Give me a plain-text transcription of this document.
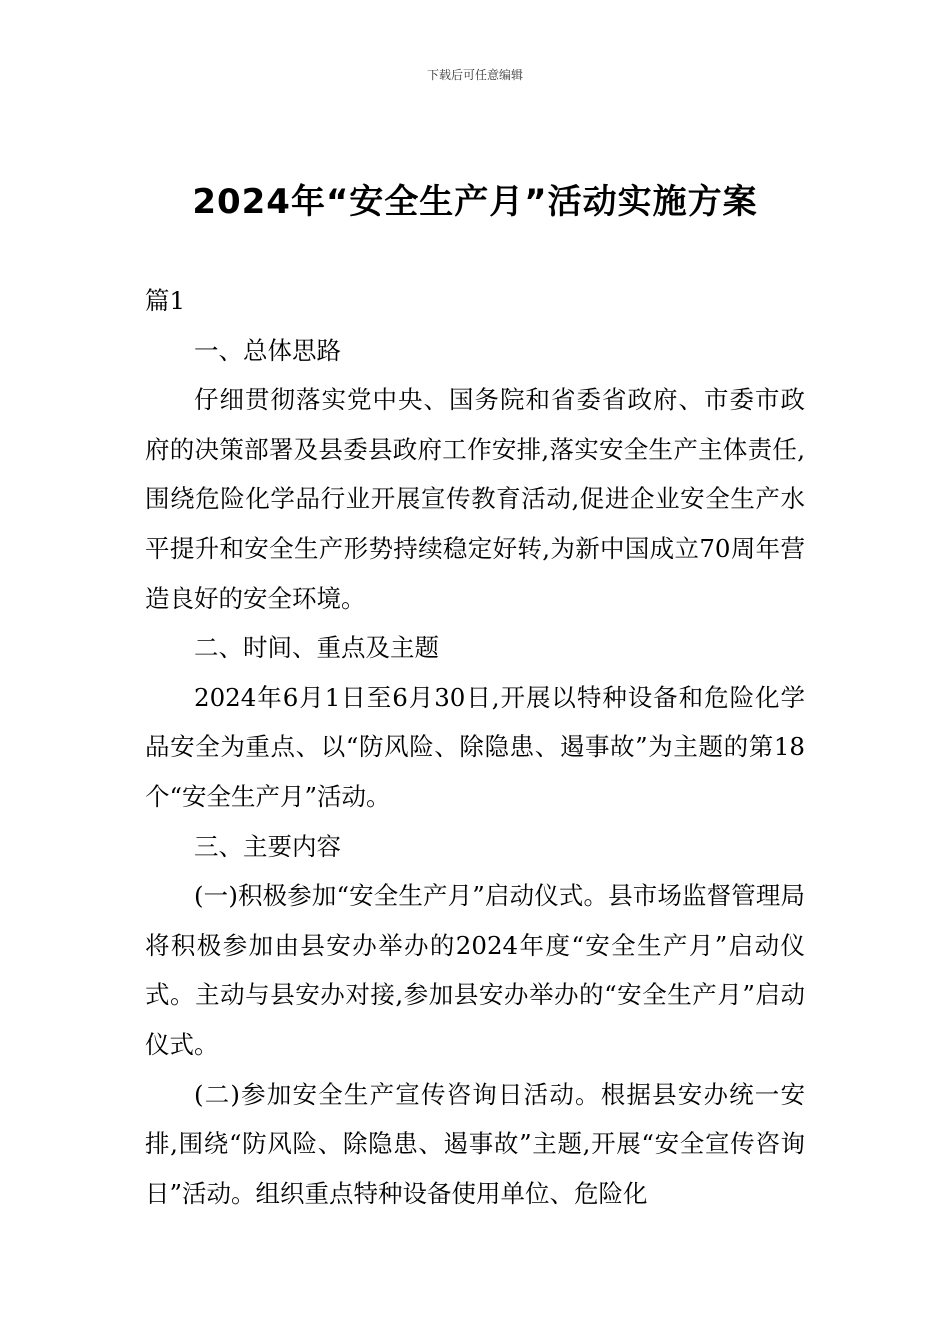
下载后可任意编辑
2024年“安全生产月”活动实施方案

篇1

一、总体思路

仔细贯彻落实党中央、国务院和省委省政府、市委市政府的决策部署及县委县政府工作安排,落实安全生产主体责任,围绕危险化学品行业开展宣传教育活动,促进企业安全生产水平提升和安全生产形势持续稳定好转,为新中国成立70周年营造良好的安全环境。

二、时间、重点及主题

2024年6月1日至6月30日,开展以特种设备和危险化学品安全为重点、以“防风险、除隐患、遏事故”为主题的第18个“安全生产月”活动。

三、主要内容

(一)积极参加“安全生产月”启动仪式。县市场监督管理局将积极参加由县安办举办的2024年度“安全生产月”启动仪式。主动与县安办对接,参加县安办举办的“安全生产月”启动仪式。

(二)参加安全生产宣传咨询日活动。根据县安办统一安排,围绕“防风险、除隐患、遏事故”主题,开展“安全宣传咨询日”活动。组织重点特种设备使用单位、危险化
